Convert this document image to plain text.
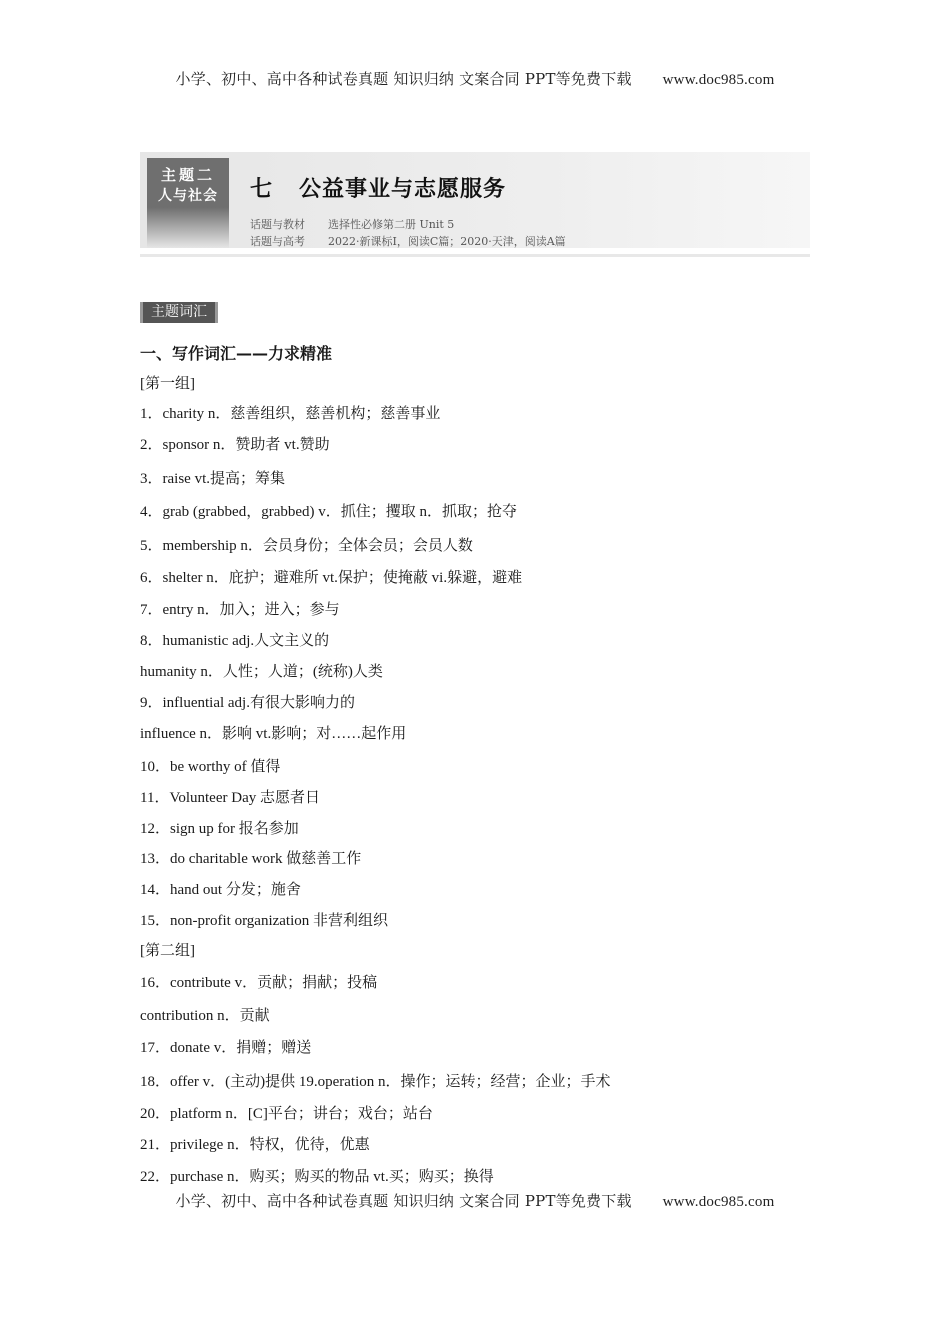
小学、初中、高中各种试卷真题 知识归纳 文案合同 PPT等免费下载 www.doc985.com
主题二
人与社会	七 公益事业与志愿服务
话题与教材 选择性必修第二册 Unit 5
话题与高考 2022·新课标Ⅰ，阅读C篇；2020·天津，阅读A篇
主题词汇
一、写作词汇——力求精准
[第一组]
1．charity n．慈善组织，慈善机构；慈善事业
2．sponsor n．赞助者 vt.赞助
3．raise vt.提高；筹集
4．grab (grabbed，grabbed) v．抓住；攫取 n．抓取；抢夺
5．membership n．会员身份；全体会员；会员人数
6．shelter n．庇护；避难所 vt.保护；使掩蔽 vi.躲避，避难
7．entry n．加入；进入；参与
8．humanistic adj.人文主义的
humanity n．人性；人道；(统称)人类
9．influential adj.有很大影响力的
influence n．影响 vt.影响；对……起作用
10．be worthy of 值得
11．Volunteer Day 志愿者日
12．sign up for 报名参加
13．do charitable work 做慈善工作
14．hand out 分发；施舍
15．non-profit organization 非营利组织
[第二组]
16．contribute v．贡献；捐献；投稿
contribution n．贡献
17．donate v．捐赠；赠送
18．offer v．(主动)提供 19.operation n．操作；运转；经营；企业；手术
20．platform n．[C]平台；讲台；戏台；站台
21．privilege n．特权，优待，优惠
22．purchase n．购买；购买的物品 vt.买；购买；换得
小学、初中、高中各种试卷真题 知识归纳 文案合同 PPT等免费下载 www.doc985.com
